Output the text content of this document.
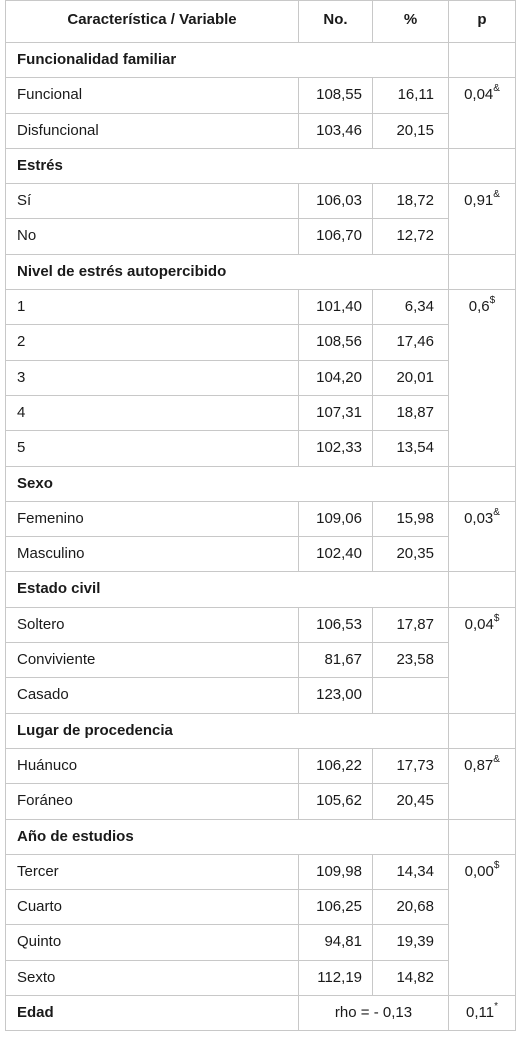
Característica / Variable	No.	%	p
Funcionalidad familiar			
Funcional	108,55	16,11	0,04&
Disfuncional	103,46	20,15	
Estrés			
Sí	106,03	18,72	0,91&
No	106,70	12,72	
Nivel de estrés autopercibido			
1	101,40	6,34	0,6$
2	108,56	17,46	
3	104,20	20,01	
4	107,31	18,87	
5	102,33	13,54	
Sexo			
Femenino	109,06	15,98	0,03&
Masculino	102,40	20,35	
Estado civil			
Soltero	106,53	17,87	0,04$
Conviviente	81,67	23,58	
Casado	123,00		
Lugar de procedencia			
Huánuco	106,22	17,73	0,87&
Foráneo	105,62	20,45	
Año de estudios			
Tercer	109,98	14,34	0,00$
Cuarto	106,25	20,68	
Quinto	94,81	19,39	
Sexto	112,19	14,82	
Edad	rho = - 0,13		0,11*
